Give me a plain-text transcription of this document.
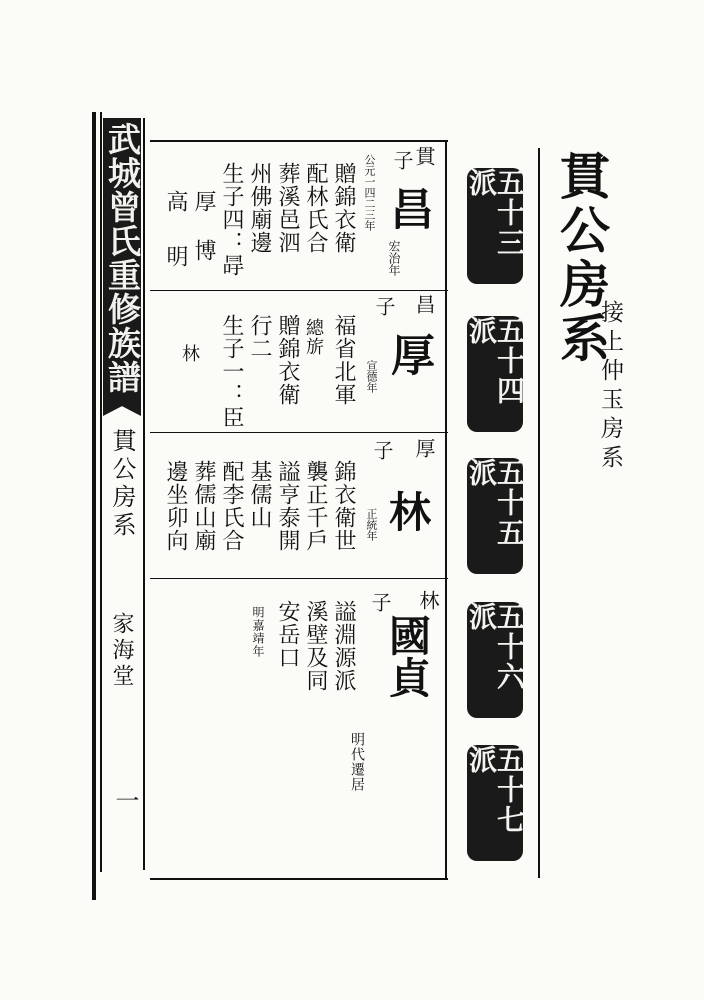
武城曾氏重修族譜
貫公房系
家海堂
一
貫公房系
接上仲玉房系
五十三派
五十四派
五十五派
五十六派
五十七派
貫
子
昌
公元一四二三年
宏治年
贈錦衣衛
配林氏合
葬溪邑泗
州佛廟邊
生子四：冔
厚 博
高 明
昌
子
厚
宣德年
福省北軍
總旂
贈錦衣衛
行二
生子一：臣
林
厚
子
林
正統年
錦衣衛世
襲正千戶
謚亨泰開
基儒山
配李氏合
葬儒山廟
邊坐卯向
林
子
國貞
謚淵源派
溪壁及同
安岳口
明嘉靖年
明代遷居
